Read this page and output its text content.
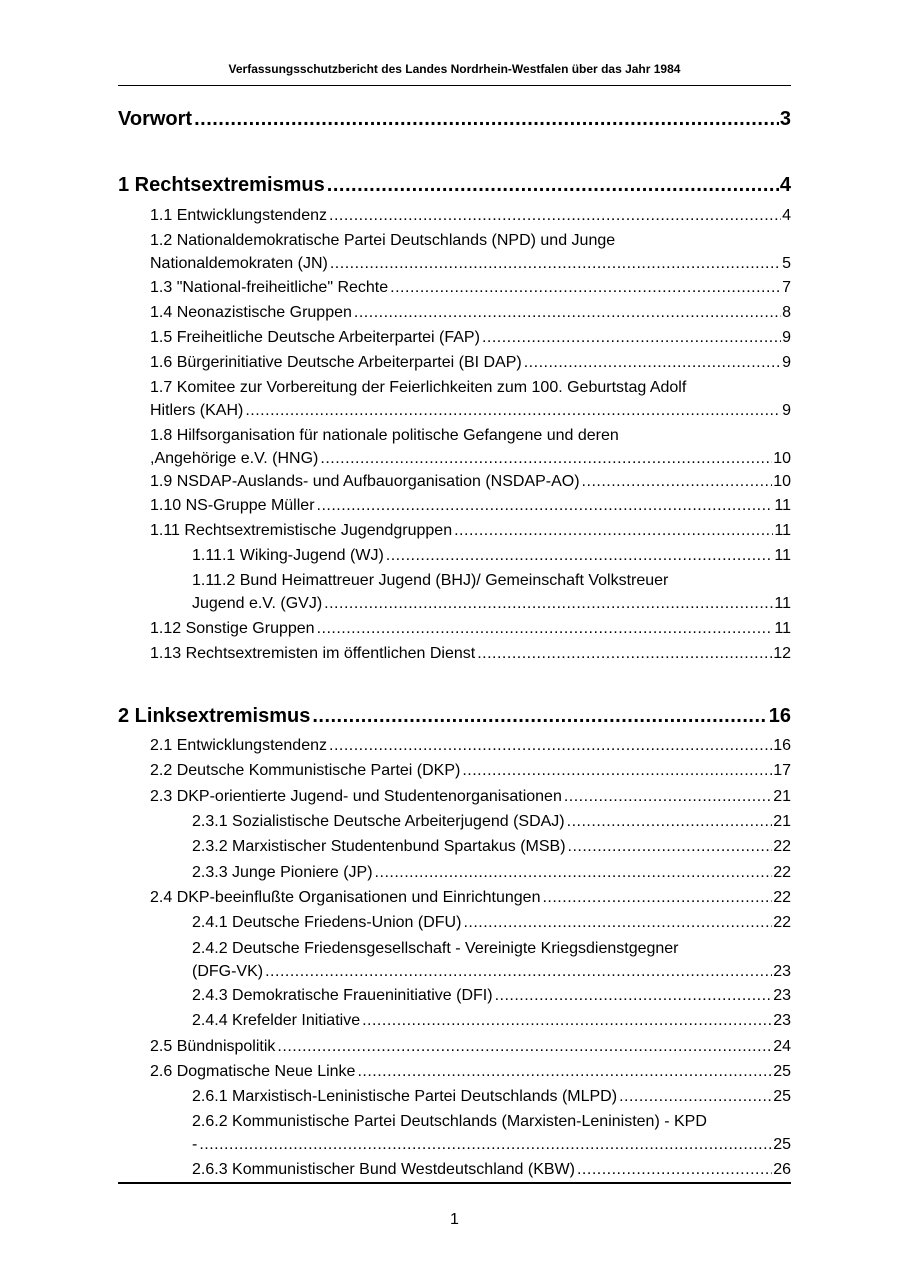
Verfassungsschutzbericht des Landes Nordrhein-Westfalen über das Jahr 1984
Vorwort .....	3
1 Rechtsextremismus .....	4
1.1 Entwicklungstendenz .....	4
1.2 Nationaldemokratische Partei Deutschlands (NPD) und Junge
Nationaldemokraten (JN) .....	5
1.3 "National-freiheitliche" Rechte .....	7
1.4 Neonazistische Gruppen .....	8
1.5 Freiheitliche Deutsche Arbeiterpartei (FAP) .....	9
1.6 Bürgerinitiative Deutsche Arbeiterpartei (BI DAP) .....	9
1.7 Komitee zur Vorbereitung der Feierlichkeiten zum 100. Geburtstag Adolf
Hitlers (KAH) .....	9
1.8 Hilfsorganisation für nationale politische Gefangene und deren
,Angehörige e.V. (HNG) .....	10
1.9 NSDAP-Auslands- und Aufbauorganisation (NSDAP-AO) .....	10
1.10 NS-Gruppe Müller .....	11
1.11 Rechtsextremistische Jugendgruppen .....	11
1.11.1 Wiking-Jugend (WJ) .....	11
1.11.2 Bund Heimattreuer Jugend (BHJ)/ Gemeinschaft Volkstreuer
Jugend e.V. (GVJ) .....	11
1.12 Sonstige Gruppen .....	11
1.13 Rechtsextremisten im öffentlichen Dienst .....	12
2 Linksextremismus .....	16
2.1 Entwicklungstendenz .....	16
2.2 Deutsche Kommunistische Partei (DKP) .....	17
2.3 DKP-orientierte Jugend- und Studentenorganisationen .....	21
2.3.1 Sozialistische Deutsche Arbeiterjugend (SDAJ) .....	21
2.3.2 Marxistischer Studentenbund Spartakus (MSB) .....	22
2.3.3 Junge Pioniere (JP) .....	22
2.4 DKP-beeinflußte Organisationen und Einrichtungen .....	22
2.4.1 Deutsche Friedens-Union (DFU) .....	22
2.4.2 Deutsche Friedensgesellschaft - Vereinigte Kriegsdienstgegner
(DFG-VK) .....	23
2.4.3 Demokratische Fraueninitiative (DFI) .....	23
2.4.4 Krefelder Initiative .....	23
2.5 Bündnispolitik .....	24
2.6 Dogmatische Neue Linke .....	25
2.6.1 Marxistisch-Leninistische Partei Deutschlands (MLPD) .....	25
2.6.2 Kommunistische Partei Deutschlands (Marxisten-Leninisten) - KPD
- .....	25
2.6.3 Kommunistischer Bund Westdeutschland (KBW) .....	26
1
